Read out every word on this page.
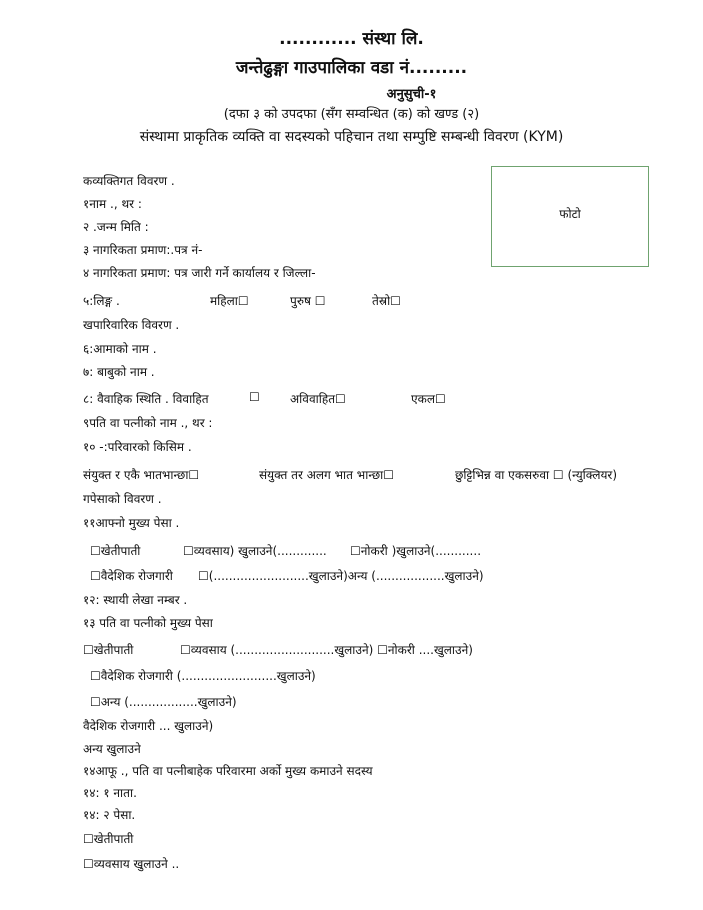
............ संस्था लि.
जन्तेढुङ्गा गाउपालिका वडा नं.........
अनुसुची-१
(दफा ३ को उपदफा (सँग सम्वन्धित (क) को खण्ड (२)
संस्थामा प्राकृतिक व्यक्ति वा सदस्यको पहिचान तथा सम्पुष्टि सम्बन्धी विवरण (KYM)
फोटो
कव्यक्तिगत विवरण .
१नाम ., थर :
२ .जन्म मिति :
३ नागरिकता प्रमाण:.पत्र नं-
४ नागरिकता प्रमाण: पत्र जारी गर्ने कार्यालय र जिल्ला-
५:लिङ्ग .	महिला☐	पुरुष ☐	तेस्रो☐
खपारिवारिक विवरण .
६:आमाको नाम .
७: बाबुको नाम .
८: वैवाहिक स्थिति . विवाहित	☐	अविवाहित☐	एकल☐
९पति वा पत्नीको नाम ., थर :
१० -:परिवारको किसिम .
संयुक्त र एकै भातभान्छा☐	संयुक्त तर अलग भात भान्छा☐	छुट्टिभिन्न वा एकसरुवा ☐ (न्युक्लियर)
गपेसाको विवरण .
११आफ्नो मुख्य पेसा .
☐खेतीपाती	☐व्यवसाय) खुलाउने(............. ☐नोकरी )खुलाउने(............
☐वैदेशिक रोजगारी ☐(.........................खुलाउने)अन्य (..................खुलाउने)
१२: स्थायी लेखा नम्बर .
१३ पति वा पत्नीको मुख्य पेसा
☐खेतीपाती	☐व्यवसाय (..........................खुलाउने) ☐नोकरी ....खुलाउने)
☐वैदेशिक रोजगारी (.........................खुलाउने)
☐अन्य (..................खुलाउने)
वैदेशिक रोजगारी ... खुलाउने)
अन्य खुलाउने
१४आफू ., पति वा पत्नीबाहेक परिवारमा अर्को मुख्य कमाउने सदस्य
१४: १ नाता.
१४: २ पेसा.
☐खेतीपाती
☐व्यवसाय खुलाउने ..
